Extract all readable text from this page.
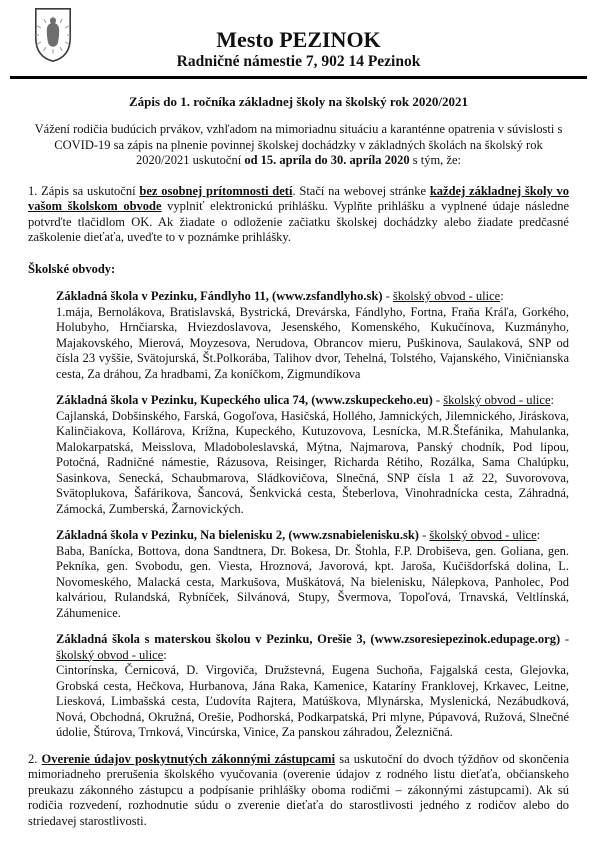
Mesto PEZINOK
Radničné námestie 7, 902 14 Pezinok
Zápis do 1. ročníka základnej školy na školský rok 2020/2021

Vážení rodičia budúcich prvákov, vzhľadom na mimoriadnu situáciu a karanténne opatrenia v súvislosti s COVID-19 sa zápis na plnenie povinnej školskej dochádzky v základných školách na školský rok 2020/2021 uskutoční od 15. apríla do 30. apríla 2020 s tým, že:

1. Zápis sa uskutoční bez osobnej prítomnosti detí. Stačí na webovej stránke každej základnej školy vo vašom školskom obvode vyplniť elektronickú prihlášku. Vyplňte prihlášku a vyplnené údaje následne potvrďte tlačidlom OK. Ak žiadate o odloženie začiatku školskej dochádzky alebo žiadate predčasné zaškolenie dieťaťa, uveďte to v poznámke prihlášky.

Školské obvody:

Základná škola v Pezinku, Fándlyho 11, (www.zsfandlyho.sk) - školský obvod - ulice:

1.mája, Bernolákova, Bratislavská, Bystrická, Drevárska, Fándlyho, Fortna, Fraňa Kráľa, Gorkého, Holubyho, Hrnčiarska, Hviezdoslavova, Jesenského, Komenského, Kukučínova, Kuzmányho, Majakovského, Mierová, Moyzesova, Nerudova, Obrancov mieru, Puškinova, Saulaková, SNP od čísla 23 vyššie, Svätojurská, Št.Polkorába, Talihov dvor, Tehelná, Tolstého, Vajanského, Viničnianska cesta, Za dráhou, Za hradbami, Za koníčkom, Zigmundíkova

Základná škola v Pezinku, Kupeckého ulica 74, (www.zskupeckeho.eu) - školský obvod - ulice:

Cajlanská, Dobšinského, Farská, Gogoľova, Hasičská, Hollého, Jamnických, Jilemnického, Jiráskova, Kalinčiakova, Kollárova, Krížna, Kupeckého, Kutuzovova, Lesnícka, M.R.Štefánika, Mahulanka, Malokarpatská, Meisslova, Mladoboleslavská, Mýtna, Najmarova, Panský chodník, Pod lipou, Potočná, Radničné námestie, Rázusova, Reisinger, Richarda Rétiho, Rozálka, Sama Chalúpku, Sasinkova, Senecká, Schaubmarova, Sládkovičova, Slnečná, SNP čísla 1 až 22, Suvorovova, Svätoplukova, Šafárikova, Šancová, Šenkvická cesta, Šteberlova, Vinohradnícka cesta, Záhradná, Zámocká, Zumberská, Žarnovických.

Základná škola v Pezinku, Na bielenisku 2, (www.zsnabielenisku.sk) - školský obvod - ulice:

Baba, Banícka, Bottova, dona Sandtnera, Dr. Bokesa, Dr. Štohla, F.P. Drobiševa, gen. Goliana, gen. Pekníka, gen. Svobodu, gen. Viesta, Hroznová, Javorová, kpt. Jaroša, Kučišdorfská dolina, L. Novomeského, Malacká cesta, Markušova, Muškátová, Na bielenisku, Nálepkova, Panholec, Pod kalváriou, Rulandská, Rybníček, Silvánová, Stupy, Švermova, Topoľová, Trnavská, Veltlínská, Záhumenice.

Základná škola s materskou školou v Pezinku, Orešie 3, (www.zsoresiepezinok.edupage.org) - školský obvod - ulice:

Cintorínska, Černicová, D. Virgoviča, Družstevná, Eugena Suchoňa, Fajgalská cesta, Glejovka, Grobská cesta, Hečkova, Hurbanova, Jána Raka, Kamenice, Kataríny Franklovej, Krkavec, Leitne, Liesková, Limbašská cesta, Ľudovíta Rajtera, Matúškova, Mlynárska, Myslenická, Nezábudková, Nová, Obchodná, Okružná, Orešie, Podhorská, Podkarpatská, Pri mlyne, Púpavová, Ružová, Slnečné údolie, Štúrova, Trnková, Vincúrska, Vinice, Za panskou záhradou, Železničná.

2. Overenie údajov poskytnutých zákonnými zástupcami sa uskutoční do dvoch týždňov od skončenia mimoriadneho prerušenia školského vyučovania (overenie údajov z rodného listu dieťaťa, občianskeho preukazu zákonného zástupcu a podpísanie prihlášky oboma rodičmi – zákonnými zástupcami). Ak sú rodičia rozvedení, rozhodnutie súdu o zverenie dieťaťa do starostlivosti jedného z rodičov alebo do striedavej starostlivosti.
